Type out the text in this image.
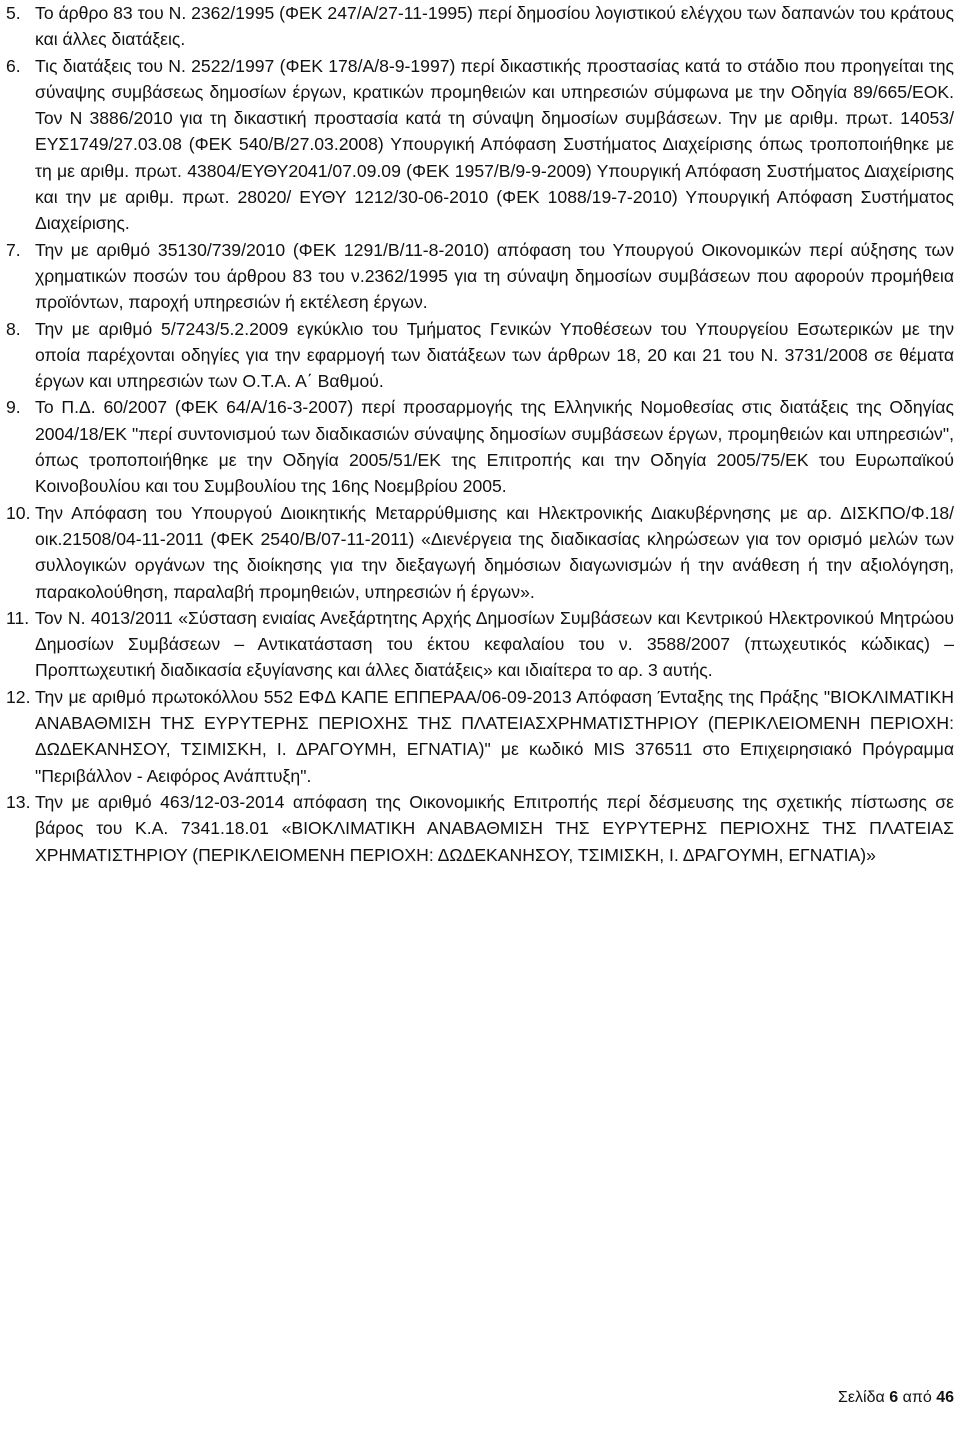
5. Το άρθρο 83 του Ν. 2362/1995 (ΦΕΚ 247/Α/27-11-1995) περί δημοσίου λογιστικού ελέγχου των δαπανών του κράτους και άλλες διατάξεις.
6. Τις διατάξεις του Ν. 2522/1997 (ΦΕΚ 178/Α/8-9-1997) περί δικαστικής προστασίας κατά το στάδιο που προηγείται της σύναψης συμβάσεως δημοσίων έργων, κρατικών προμηθειών και υπηρεσιών σύμφωνα με την Οδηγία 89/665/ΕΟΚ. Τον Ν 3886/2010 για τη δικαστική προστασία κατά τη σύναψη δημοσίων συμβάσεων. Την με αριθμ. πρωτ. 14053/ ΕΥΣ1749/27.03.08 (ΦΕΚ 540/Β/27.03.2008) Υπουργική Απόφαση Συστήματος Διαχείρισης όπως τροποποιήθηκε με τη με αριθμ. πρωτ. 43804/ΕΥΘΥ2041/07.09.09 (ΦΕΚ 1957/Β/9-9-2009) Υπουργική Απόφαση Συστήματος Διαχείρισης και την με αριθμ. πρωτ. 28020/ ΕΥΘΥ 1212/30-06-2010 (ΦΕΚ 1088/19-7-2010) Υπουργική Απόφαση Συστήματος Διαχείρισης.
7. Την με αριθμό 35130/739/2010 (ΦΕΚ 1291/Β/11-8-2010) απόφαση του Υπουργού Οικονομικών περί αύξησης των χρηματικών ποσών του άρθρου 83 του ν.2362/1995 για τη σύναψη δημοσίων συμβάσεων που αφορούν προμήθεια προϊόντων, παροχή υπηρεσιών ή εκτέλεση έργων.
8. Την με αριθμό 5/7243/5.2.2009 εγκύκλιο του Τμήματος Γενικών Υποθέσεων του Υπουργείου Εσωτερικών με την οποία παρέχονται οδηγίες για την εφαρμογή των διατάξεων των άρθρων 18, 20 και 21 του Ν. 3731/2008 σε θέματα έργων και υπηρεσιών των Ο.Τ.Α. Α΄ Βαθμού.
9. Το Π.Δ. 60/2007 (ΦΕΚ 64/Α/16-3-2007) περί προσαρμογής της Ελληνικής Νομοθεσίας στις διατάξεις της Οδηγίας 2004/18/ΕΚ "περί συντονισμού των διαδικασιών σύναψης δημοσίων συμβάσεων έργων, προμηθειών και υπηρεσιών", όπως τροποποιήθηκε με την Οδηγία 2005/51/ΕΚ της Επιτροπής και την Οδηγία 2005/75/ΕΚ του Ευρωπαϊκού Κοινοβουλίου και του Συμβουλίου της 16ης Νοεμβρίου 2005.
10. Την Απόφαση του Υπουργού Διοικητικής Μεταρρύθμισης και Ηλεκτρονικής Διακυβέρνησης με αρ. ΔΙΣΚΠΟ/Φ.18/οικ.21508/04-11-2011 (ΦΕΚ 2540/Β/07-11-2011) «Διενέργεια της διαδικασίας κληρώσεων για τον ορισμό μελών των συλλογικών οργάνων της διοίκησης για την διεξαγωγή δημόσιων διαγωνισμών ή την ανάθεση ή την αξιολόγηση, παρακολούθηση, παραλαβή προμηθειών, υπηρεσιών ή έργων».
11. Τον Ν. 4013/2011 «Σύσταση ενιαίας Ανεξάρτητης Αρχής Δημοσίων Συμβάσεων και Κεντρικού Ηλεκτρονικού Μητρώου Δημοσίων Συμβάσεων – Αντικατάσταση του έκτου κεφαλαίου του ν. 3588/2007 (πτωχευτικός κώδικας) – Προπτωχευτική διαδικασία εξυγίανσης και άλλες διατάξεις» και ιδιαίτερα το αρ. 3 αυτής.
12. Την με αριθμό πρωτοκόλλου 552 ΕΦΔ ΚΑΠΕ ΕΠΠΕΡΑΑ/06-09-2013 Απόφαση Ένταξης της Πράξης "ΒΙΟΚΛΙΜΑΤΙΚΗ ΑΝΑΒΑΘΜΙΣΗ ΤΗΣ ΕΥΡΥΤΕΡΗΣ ΠΕΡΙΟΧΗΣ ΤΗΣ ΠΛΑΤΕΙΑΣΧΡΗΜΑΤΙΣΤΗΡΙΟΥ (ΠΕΡΙΚΛΕΙΟΜΕΝΗ ΠΕΡΙΟΧΗ: ΔΩΔΕΚΑΝΗΣΟΥ, ΤΣΙΜΙΣΚΗ, Ι. ΔΡΑΓΟΥΜΗ, ΕΓΝΑΤΙΑ)" με κωδικό MIS 376511 στο Επιχειρησιακό Πρόγραμμα "Περιβάλλον - Αειφόρος Ανάπτυξη".
13. Την με αριθμό 463/12-03-2014 απόφαση της Οικονομικής Επιτροπής περί δέσμευσης της σχετικής πίστωσης σε βάρος του Κ.Α. 7341.18.01 «ΒΙΟΚΛΙΜΑΤΙΚΗ ΑΝΑΒΑΘΜΙΣΗ ΤΗΣ ΕΥΡΥΤΕΡΗΣ ΠΕΡΙΟΧΗΣ ΤΗΣ ΠΛΑΤΕΙΑΣ ΧΡΗΜΑΤΙΣΤΗΡΙΟΥ (ΠΕΡΙΚΛΕΙΟΜΕΝΗ ΠΕΡΙΟΧΗ: ΔΩΔΕΚΑΝΗΣΟΥ, ΤΣΙΜΙΣΚΗ, Ι. ΔΡΑΓΟΥΜΗ, ΕΓΝΑΤΙΑ)»
Σελίδα 6 από 46
